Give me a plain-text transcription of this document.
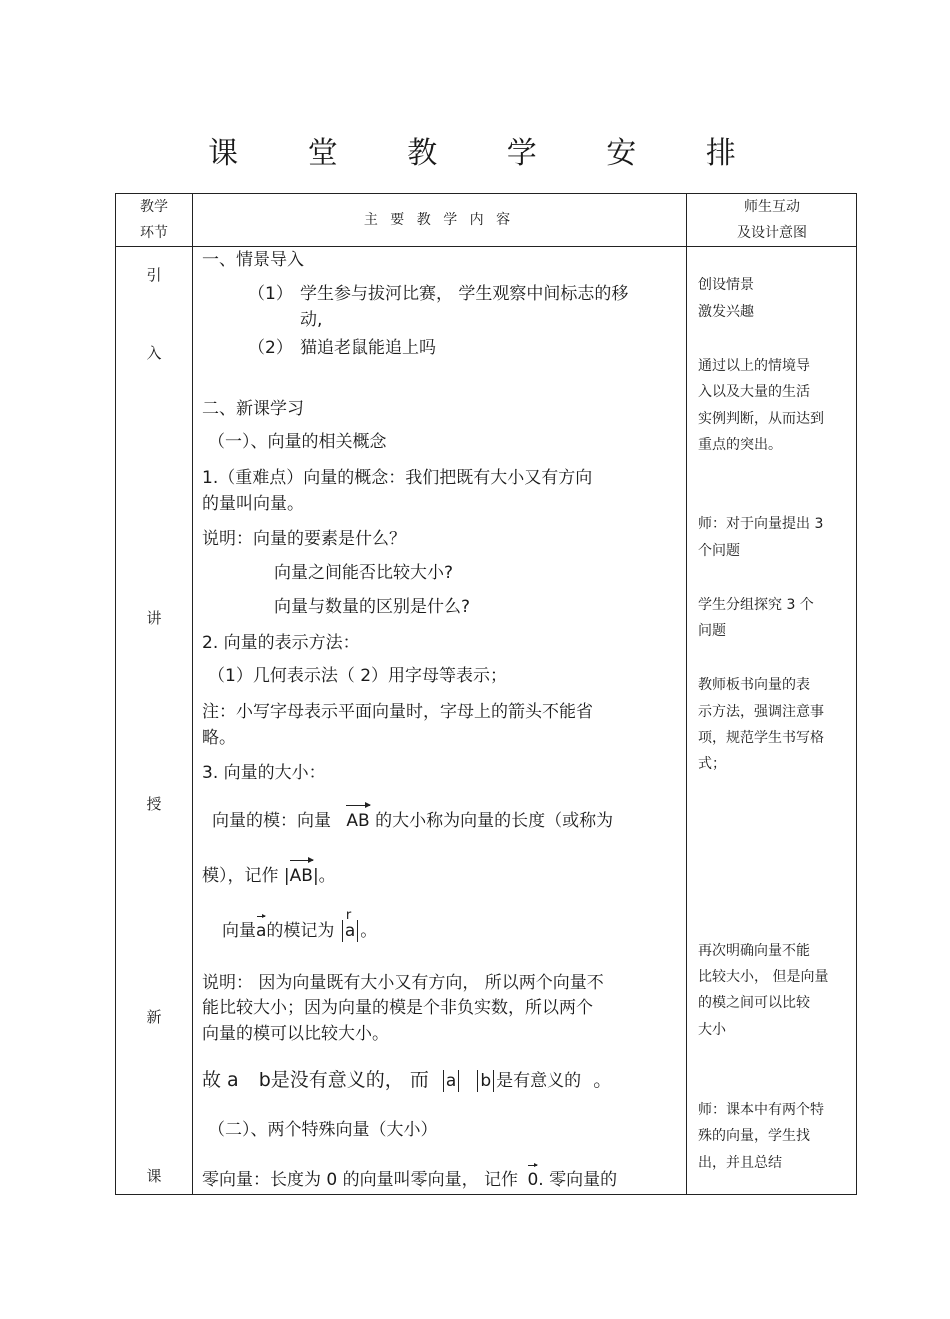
课 堂 教 学 安 排
教学
环节
主 要 教 学 内 容
师生互动
及设计意图
引
入
讲
授
新
课
一、情景导入
（1） 学生参与拔河比赛， 学生观察中间标志的移
动,
（2） 猫追老鼠能追上吗
二、新课学习
（一）、向量的相关概念
1.（重难点）向量的概念：我们把既有大小又有方向
的量叫向量。
说明：向量的要素是什么？
向量之间能否比较大小?
向量与数量的区别是什么?
2. 向量的表示方法：
（1）几何表示法（ 2）用字母等表示；
注：小写字母表示平面向量时，字母上的箭头不能省
略。
3. 向量的大小：
向量的模：向量 AB 的大小称为向量的长度（或称为
模），记作 |
AB|。
向量
a的模记为
r
a 。
说明： 因为向量既有大小又有方向， 所以两个向量不
能比较大小；因为向量的模是个非负实数，所以两个
向量的模可以比较大小。
故 a b是没有意义的， 而 a b 是有意义的 。
（二）、两个特殊向量（大小）
零向量：长度为 0 的向量叫零向量， 记作 0. 零向量的
创设情景
激发兴趣
通过以上的情境导
入以及大量的生活
实例判断，从而达到
重点的突出。
师：对于向量提出 3
个问题
学生分组探究 3 个
问题
教师板书向量的表
示方法，强调注意事
项，规范学生书写格
式；
再次明确向量不能
比较大小， 但是向量
的模之间可以比较
大小
师：课本中有两个特
殊的向量，学生找
出，并且总结
